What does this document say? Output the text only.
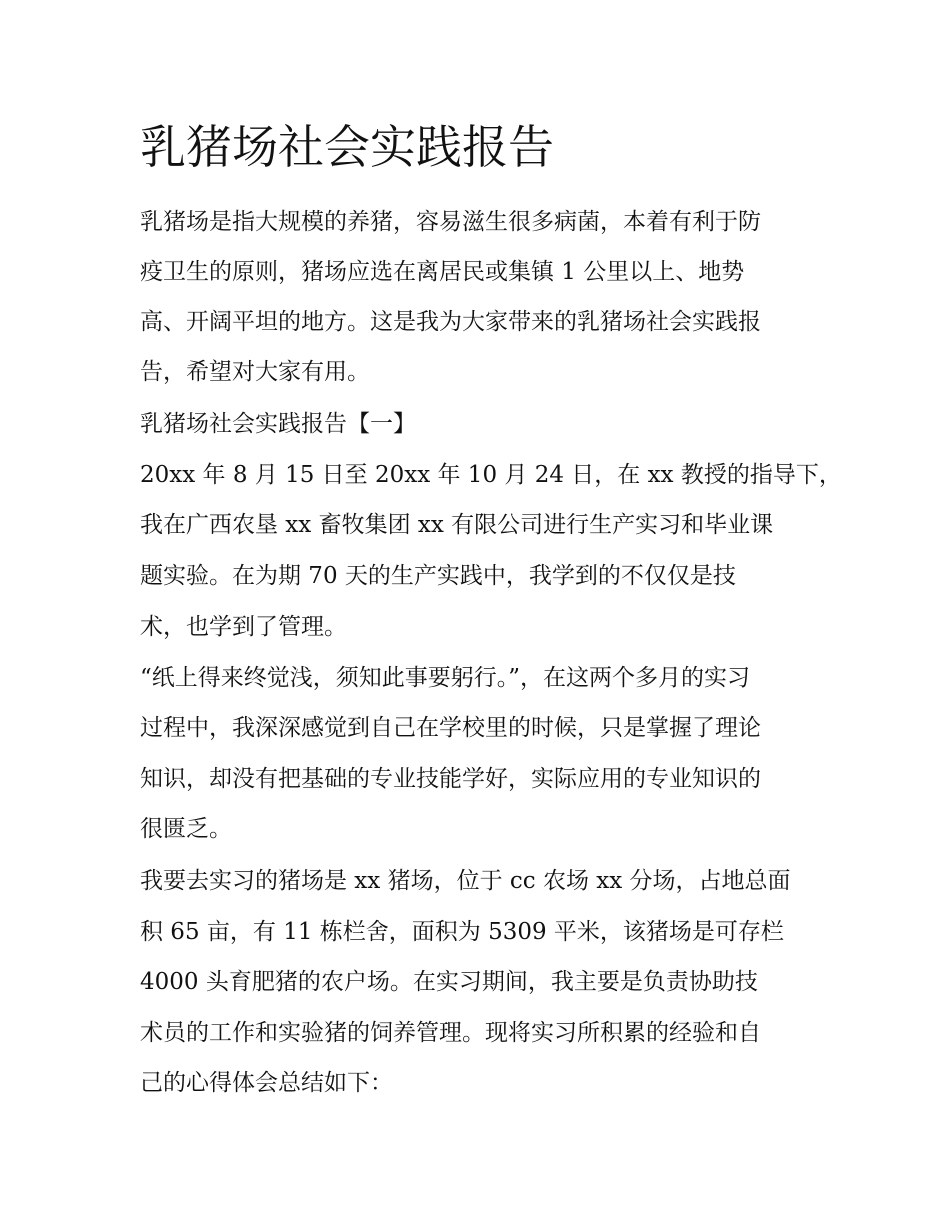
乳猪场社会实践报告
乳猪场是指大规模的养猪，容易滋生很多病菌，本着有利于防
疫卫生的原则，猪场应选在离居民或集镇 1 公里以上、地势
高、开阔平坦的地方。这是我为大家带来的乳猪场社会实践报
告，希望对大家有用。
乳猪场社会实践报告【一】
20xx 年 8 月 15 日至 20xx 年 10 月 24 日，在 xx 教授的指导下，
我在广西农垦 xx 畜牧集团 xx 有限公司进行生产实习和毕业课
题实验。在为期 70 天的生产实践中，我学到的不仅仅是技
术，也学到了管理。
“纸上得来终觉浅，须知此事要躬行。”，在这两个多月的实习
过程中，我深深感觉到自己在学校里的时候，只是掌握了理论
知识，却没有把基础的专业技能学好，实际应用的专业知识的
很匮乏。
我要去实习的猪场是 xx 猪场，位于 cc 农场 xx 分场，占地总面
积 65 亩，有 11 栋栏舍，面积为 5309 平米，该猪场是可存栏
4000 头育肥猪的农户场。在实习期间，我主要是负责协助技
术员的工作和实验猪的饲养管理。现将实习所积累的经验和自
己的心得体会总结如下：
